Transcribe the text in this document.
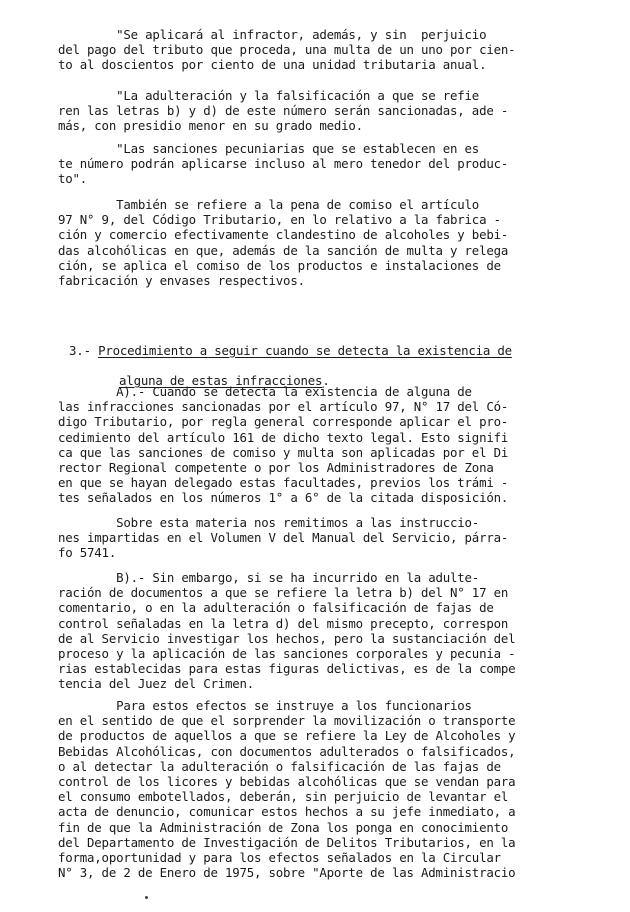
"Se aplicará al infractor, además, y sin  perjuicio
del pago del tributo que proceda, una multa de un uno por cien-
to al doscientos por ciento de una unidad tributaria anual.

"La adulteración y la falsificación a que se refie
ren las letras b) y d) de este número serán sancionadas, ade -
más, con presidio menor en su grado medio.

"Las sanciones pecuniarias que se establecen en es
te número podrán aplicarse incluso al mero tenedor del produc-
to".

También se refiere a la pena de comiso el artículo
97 N° 9, del Código Tributario, en lo relativo a la fabrica -
ción y comercio efectivamente clandestino de alcoholes y bebi-
das alcohólicas en que, además de la sanción de multa y relega
ción, se aplica el comiso de los productos e instalaciones de
fabricación y envases respectivos.

3.- Procedimiento a seguir cuando se detecta la existencia de

alguna de estas infracciones.

A).- Cuando se detecta la existencia de alguna de
las infracciones sancionadas por el artículo 97, N° 17 del Có-
digo Tributario, por regla general corresponde aplicar el pro-
cedimiento del artículo 161 de dicho texto legal. Esto signifi
ca que las sanciones de comiso y multa son aplicadas por el Di
rector Regional competente o por los Administradores de Zona
en que se hayan delegado estas facultades, previos los trámi -
tes señalados en los números 1° a 6° de la citada disposición.

Sobre esta materia nos remitimos a las instruccio-
nes impartidas en el Volumen V del Manual del Servicio, párra-
fo 5741.

B).- Sin embargo, si se ha incurrido en la adulte-
ración de documentos a que se refiere la letra b) del N° 17 en
comentario, o en la adulteración o falsificación de fajas de
control señaladas en la letra d) del mismo precepto, correspon
de al Servicio investigar los hechos, pero la sustanciación del
proceso y la aplicación de las sanciones corporales y pecunia -
rias establecidas para estas figuras delictivas, es de la compe
tencia del Juez del Crimen.

Para estos efectos se instruye a los funcionarios
en el sentido de que el sorprender la movilización o transporte
de productos de aquellos a que se refiere la Ley de Alcoholes y
Bebidas Alcohólicas, con documentos adulterados o falsificados,
o al detectar la adulteración o falsificación de las fajas de
control de los licores y bebidas alcohólicas que se vendan para
el consumo embotellados, deberán, sin perjuicio de levantar el
acta de denuncio, comunicar estos hechos a su jefe inmediato, a
fin de que la Administración de Zona los ponga en conocimiento
del Departamento de Investigación de Delitos Tributarios, en la
forma,oportunidad y para los efectos señalados en la Circular
N° 3, de 2 de Enero de 1975, sobre "Aporte de las Administracio
